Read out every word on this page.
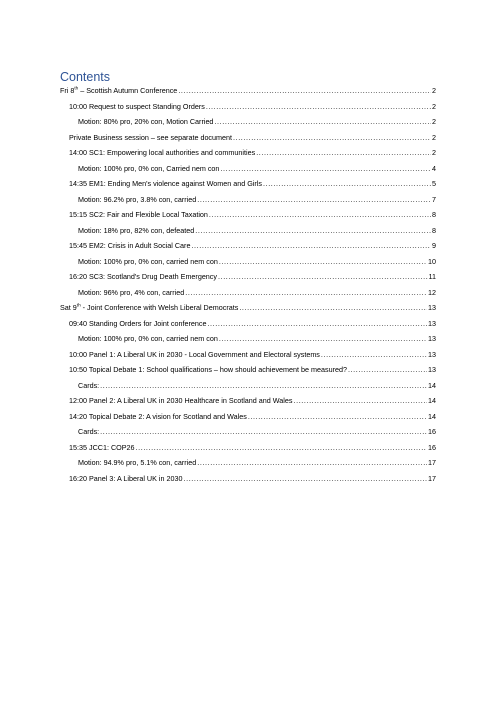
Contents
Fri 8th – Scottish Autumn Conference .....	2
10:00 Request to suspect Standing Orders .....	2
Motion: 80% pro, 20% con, Motion Carried .....	2
Private Business session – see separate document .....	2
14:00 SC1: Empowering local authorities and communities .....	2
Motion: 100% pro, 0% con, Carried nem con .....	4
14:35 EM1: Ending Men's violence against Women and Girls .....	5
Motion: 96.2% pro, 3.8% con, carried .....	7
15:15 SC2: Fair and Flexible Local Taxation .....	8
Motion: 18% pro, 82% con, defeated .....	8
15:45 EM2: Crisis in Adult Social Care .....	9
Motion: 100% pro, 0% con, carried nem con .....	10
16:20 SC3: Scotland's Drug Death Emergency .....	11
Motion: 96% pro, 4% con, carried .....	12
Sat 9th - Joint Conference with Welsh Liberal Democrats .....	13
09:40 Standing Orders for Joint conference .....	13
Motion: 100% pro, 0% con, carried nem con .....	13
10:00 Panel 1: A Liberal UK in 2030 - Local Government and Electoral systems .....	13
10:50 Topical Debate 1: School qualifications – how should achievement be measured? .....	13
Cards: .....	14
12:00 Panel 2: A Liberal UK in 2030 Healthcare in Scotland and Wales .....	14
14:20 Topical Debate 2: A vision for Scotland and Wales .....	14
Cards: .....	16
15:35 JCC1: COP26 .....	16
Motion: 94.9% pro, 5.1% con, carried .....	17
16:20 Panel 3: A Liberal UK in 2030 .....	17
